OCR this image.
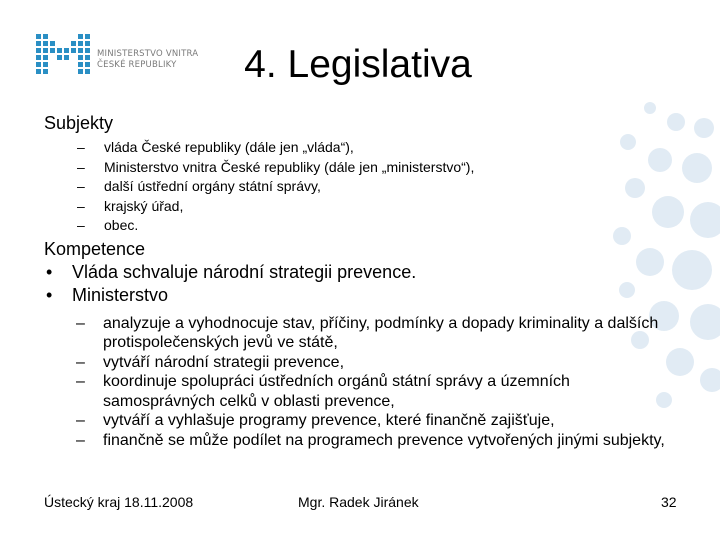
MINISTERSTVO VNITRA
ČESKÉ REPUBLIKY	4. Legislativa
Subjekty
– vláda České republiky (dále jen „vláda“),
– Ministerstvo vnitra České republiky (dále jen „ministerstvo“),
– další ústřední orgány státní správy,
– krajský úřad,
– obec.
Kompetence
• Vláda schvaluje národní strategii prevence.
• Ministerstvo
– analyzuje a vyhodnocuje stav, příčiny, podmínky a dopady kriminality a dalších protispolečenských jevů ve státě,
– vytváří národní strategii prevence,
– koordinuje spolupráci ústředních orgánů státní správy a územních samosprávných celků v oblasti prevence,
– vytváří a vyhlašuje programy prevence, které finančně zajišťuje,
– finančně se může podílet na programech prevence vytvořených jinými subjekty,
Ústecký kraj 18.11.2008	Mgr. Radek Jiránek	32
